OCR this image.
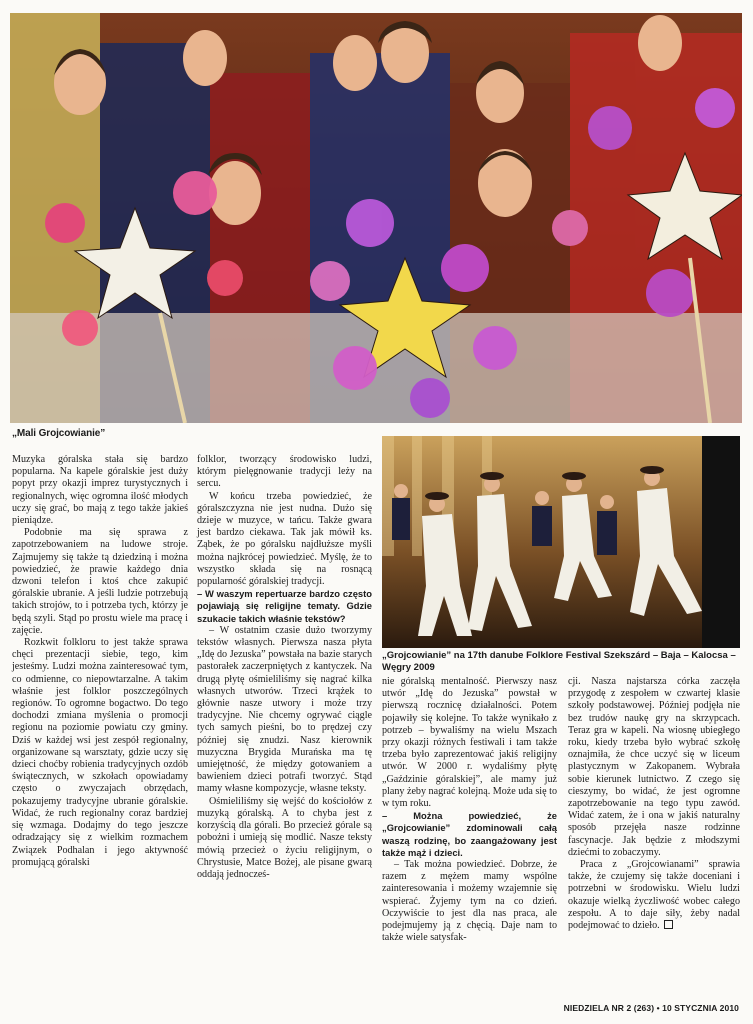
„Mali Grojcowianie”

Muzyka góralska stała się bardzo popularna. Na kapele góralskie jest duży popyt przy okazji imprez turystycznych i regionalnych, więc ogromna ilość młodych uczy się grać, bo mają z tego także jakieś pieniądze.

Podobnie ma się sprawa z zapotrzebowaniem na ludowe stroje. Zajmujemy się także tą dziedziną i można powiedzieć, że prawie każdego dnia dzwoni telefon i ktoś chce zakupić góralskie ubranie. A jeśli ludzie potrzebują takich strojów, to i potrzeba tych, którzy je będą szyli. Stąd po prostu wiele ma pracę i zajęcie.

Rozkwit folkloru to jest także sprawa chęci prezentacji siebie, tego, kim jesteśmy. Ludzi można zainteresować tym, co odmienne, co niepowtarzalne. A takim właśnie jest folklor poszczególnych regionów. To ogromne bogactwo. Do tego dochodzi zmiana myślenia o promocji regionu na poziomie powiatu czy gminy. Dziś w każdej wsi jest zespół regionalny, organizowane są warsztaty, gdzie uczy się dzieci choćby robienia tradycyjnych ozdób świątecznych, w szkołach opowiadamy często o zwyczajach obrzędach, pokazujemy tradycyjne ubranie góralskie. Widać, że ruch regionalny coraz bardziej się wzmaga. Dodajmy do tego jeszcze odradzający się z wielkim rozmachem Związek Podhalan i jego aktywność promującą góralski

folklor, tworzący środowisko ludzi, którym pielęgnowanie tradycji leży na sercu.

W końcu trzeba powiedzieć, że góralszczyzna nie jest nudna. Dużo się dzieje w muzyce, w tańcu. Także gwara jest bardzo ciekawa. Tak jak mówił ks. Ząbek, że po góralsku najdłuższe myśli można najkrócej powiedzieć. Myślę, że to wszystko składa się na rosnącą popularność góralskiej tradycji.

– W waszym repertuarze bardzo często pojawiają się religijne tematy. Gdzie szukacie takich właśnie tekstów?

– W ostatnim czasie dużo tworzymy tekstów własnych. Pierwsza nasza płyta „Idę do Jezuska” powstała na bazie starych pastorałek zaczerpniętych z kantyczek. Na drugą płytę ośmieliliśmy się nagrać kilka własnych utworów. Trzeci krążek to głównie nasze utwory i może trzy tradycyjne. Nie chcemy ogrywać ciągle tych samych pieśni, bo to prędzej czy później się znudzi. Nasz kierownik muzyczna Brygida Murańska ma tę umiejętność, że między gotowaniem a bawieniem dzieci potrafi tworzyć. Stąd mamy własne kompozycje, własne teksty.

Ośmieliliśmy się wejść do kościołów z muzyką góralską. A to chyba jest z korzyścią dla górali. Bo przecież górale są pobożni i umieją się modlić. Nasze teksty mówią przecież o życiu religijnym, o Chrystusie, Matce Bożej, ale pisane gwarą oddają jednocześ-

„Grojcowianie” na 17th danube Folklore Festival Szekszárd – Baja – Kalocsa – Węgry 2009

nie góralską mentalność. Pierwszy nasz utwór „Idę do Jezuska” powstał w pierwszą rocznicę działalności. Potem pojawiły się kolejne. To także wynikało z potrzeb – bywaliśmy na wielu Mszach przy okazji różnych festiwali i tam także trzeba było zaprezentować jakiś religijny utwór. W 2000 r. wydaliśmy płytę „Gaździnie góralskiej”, ale mamy już plany żeby nagrać kolejną. Może uda się to w tym roku.

– Można powiedzieć, że „Grojcowianie” zdominowali całą waszą rodzinę, bo zaangażowany jest także mąż i dzieci.

– Tak można powiedzieć. Dobrze, że razem z mężem mamy wspólne zainteresowania i możemy wzajemnie się wspierać. Żyjemy tym na co dzień. Oczywiście to jest dla nas praca, ale podejmujemy ją z chęcią. Daje nam to także wiele satysfak-

cji. Nasza najstarsza córka zaczęła przygodę z zespołem w czwartej klasie szkoły podstawowej. Później podjęła nie bez trudów naukę gry na skrzypcach. Teraz gra w kapeli. Na wiosnę ubiegłego roku, kiedy trzeba było wybrać szkołę oznajmiła, że chce uczyć się w liceum plastycznym w Zakopanem. Wybrała sobie kierunek lutnictwo. Z czego się cieszymy, bo widać, że jest ogromne zapotrzebowanie na tego typu zawód. Widać zatem, że i ona w jakiś naturalny sposób przejęła nasze rodzinne fascynacje. Jak będzie z młodszymi dziećmi to zobaczymy.

Praca z „Grojcowianami” sprawia także, że czujemy się także doceniani i potrzebni w środowisku. Wielu ludzi okazuje wielką życzliwość wobec całego zespołu. A to daje siły, żeby nadal podejmować to dzieło.

NIEDZIELA NR 2 (263) • 10 STYCZNIA 2010
